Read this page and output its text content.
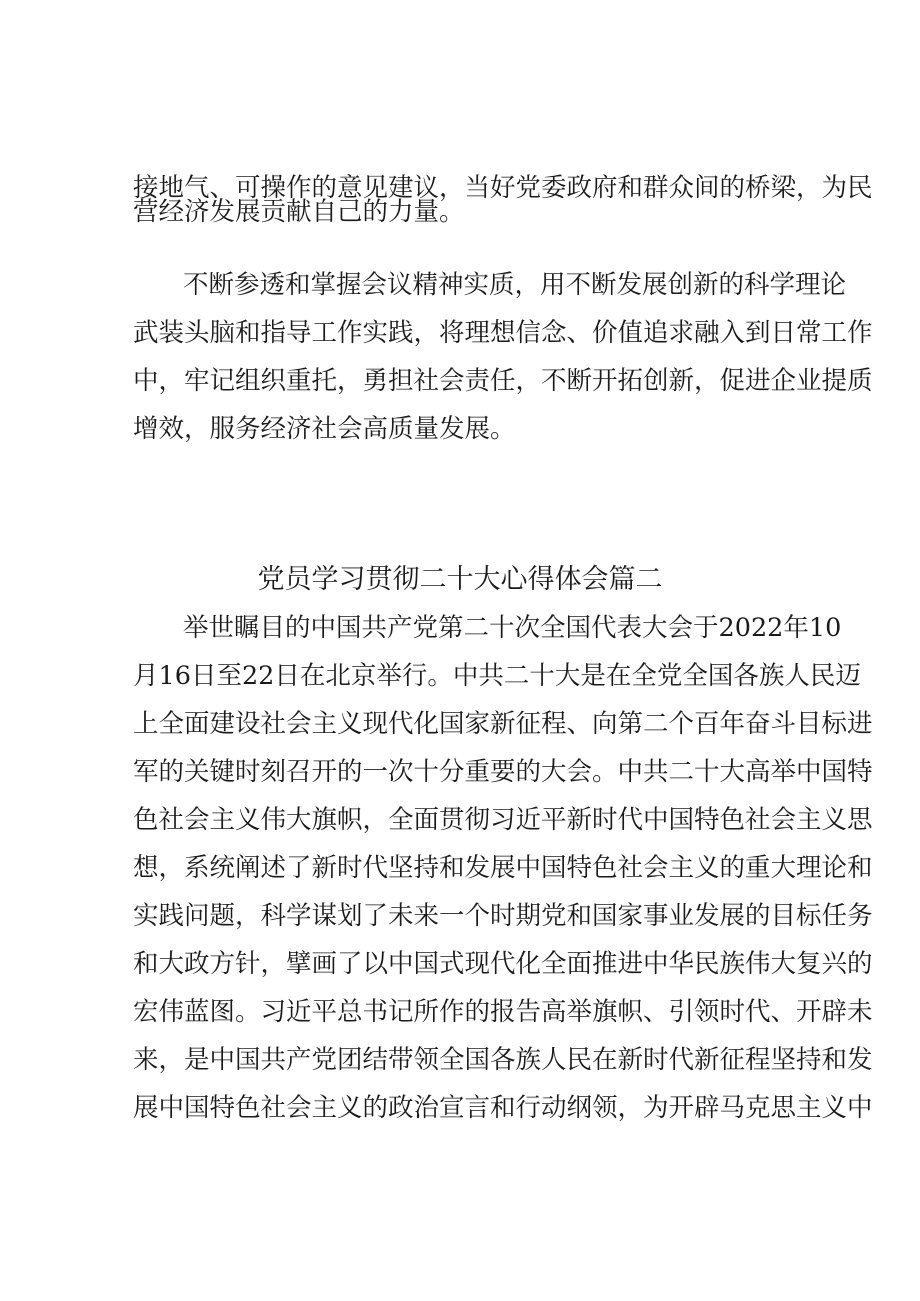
接地气、可操作的意见建议，当好党委政府和群众间的桥梁，为民
营经济发展贡献自己的力量。
不断参透和掌握会议精神实质，用不断发展创新的科学理论
武装头脑和指导工作实践，将理想信念、价值追求融入到日常工作
中，牢记组织重托，勇担社会责任，不断开拓创新，促进企业提质
增效，服务经济社会高质量发展。
党员学习贯彻二十大心得体会篇二
举世瞩目的中国共产党第二十次全国代表大会于2022年10
月16日至22日在北京举行。中共二十大是在全党全国各族人民迈
上全面建设社会主义现代化国家新征程、向第二个百年奋斗目标进
军的关键时刻召开的一次十分重要的大会。中共二十大高举中国特
色社会主义伟大旗帜，全面贯彻习近平新时代中国特色社会主义思
想，系统阐述了新时代坚持和发展中国特色社会主义的重大理论和
实践问题，科学谋划了未来一个时期党和国家事业发展的目标任务
和大政方针，擘画了以中国式现代化全面推进中华民族伟大复兴的
宏伟蓝图。习近平总书记所作的报告高举旗帜、引领时代、开辟未
来，是中国共产党团结带领全国各族人民在新时代新征程坚持和发
展中国特色社会主义的政治宣言和行动纲领，为开辟马克思主义中
